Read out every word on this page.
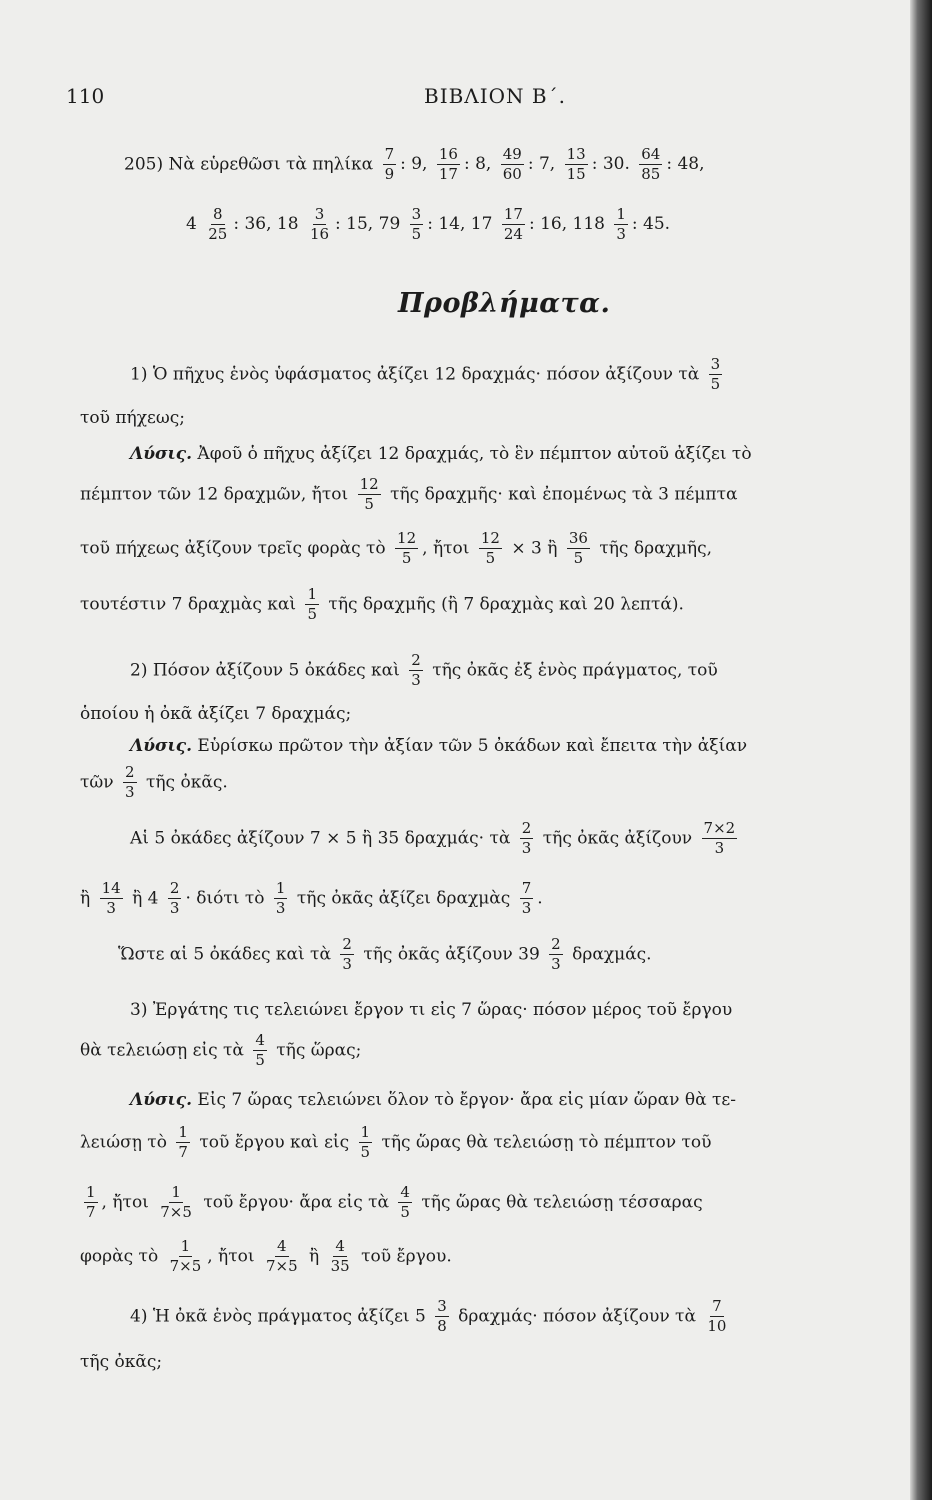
110	ΒΙΒΛΙΟΝ Β΄.
205) Νὰ εὑρεθῶσι τὰ πηλίκα $\frac{7}{9}$ : 9, $\frac{16}{17}$ : 8, $\frac{49}{60}$ : 7, $\frac{13}{15}$ : 30. $\frac{64}{85}$ : 48,
$4 \frac{8}{25}$ : 36, $18 \frac{3}{16}$ : 15, $79 \frac{3}{5}$ : 14, $17 \frac{17}{24}$ : 16, $118 \frac{1}{3}$ : 45.
Προβλήματα.
1) Ὁ πῆχυς ἑνὸς ὑφάσματος ἀξίζει 12 δραχμάς· πόσον ἀξίζουν τὰ $\frac{3}{5}$
τοῦ πήχεως;
Λύσις. Ἀφοῦ ὁ πῆχυς ἀξίζει 12 δραχμάς, τὸ ἓν πέμπτον αὐτοῦ ἀξίζει τὸ
πέμπτον τῶν 12 δραχμῶν, ἤτοι $\frac{12}{5}$ τῆς δραχμῆς· καὶ ἐπομένως τὰ 3 πέμπτα
τοῦ πήχεως ἀξίζουν τρεῖς φορὰς τὸ $\frac{12}{5}$ , ἤτοι $\frac{12}{5} \times 3$ ἢ $\frac{36}{5}$ τῆς δραχμῆς,
τουτέστιν 7 δραχμὰς καὶ $\frac{1}{5}$ τῆς δραχμῆς (ἢ 7 δραχμὰς καὶ 20 λεπτά).
2) Πόσον ἀξίζουν 5 ὀκάδες καὶ $\frac{2}{3}$ τῆς ὀκᾶς ἐξ ἑνὸς πράγματος, τοῦ
ὁποίου ἡ ὀκᾶ ἀξίζει 7 δραχμάς;
Λύσις. Εὑρίσκω πρῶτον τὴν ἀξίαν τῶν 5 ὀκάδων καὶ ἔπειτα τὴν ἀξίαν
τῶν $\frac{2}{3}$ τῆς ὀκᾶς.
Αἱ 5 ὀκάδες ἀξίζουν 7 × 5 ἢ 35 δραχμάς· τὰ $\frac{2}{3}$ τῆς ὀκᾶς ἀξίζουν $\frac{7\times 2}{3}$
ἢ $\frac{14}{3}$ ἢ $4 \frac{2}{3} \cdot \delta\iota ό\tau\iota$ τὸ $\frac{1}{3}$ τῆς ὀκᾶς ἀξίζει δραχμὰς $\frac{7}{3}$ .
Ὥστε αἱ 5 ὀκάδες καὶ τὰ $\frac{2}{3}$ τῆς ὀκᾶς ἀξίζουν $39 \frac{2}{3} \delta\rho\alpha\chi\mu ά\varsigma$.
3) Ἐργάτης τις τελειώνει ἔργον τι εἰς 7 ὥρας· πόσον μέρος τοῦ ἔργου
θὰ τελειώσῃ εἰς τὰ $\frac{4}{5}$ τῆς ὥρας;
Λύσις. Εἰς 7 ὥρας τελειώνει ὅλον τὸ ἔργον· ἄρα εἰς μίαν ὥραν θὰ τε-
λειώσῃ τὸ $\frac{1}{7}$ τοῦ ἔργου καὶ εἰς $\frac{1}{5}$ τῆς ὥρας θὰ τελειώσῃ τὸ πέμπτον τοῦ
$\frac{1}{7}$ , ἤτοι $\frac{1}{7\times 5}$ τοῦ ἔργου· ἄρα εἰς τὰ $\frac{4}{5}$ τῆς ὥρας θὰ τελειώσῃ τέσσαρας
φορὰς τὸ $\frac{1}{7\times 5}$ , ἤτοι $\frac{4}{7\times 5}$ ἢ $\frac{4}{35}$ τοῦ ἔργου.
4) Ἡ ὀκᾶ ἑνὸς πράγματος ἀξίζει $5 \frac{3}{8} \delta\rho\alpha\chi\mu ά\varsigma\cdot \pi ό\sigma o\nu$ ἀξίζουν τὰ $\frac{7}{10}$
τῆς ὀκᾶς;
